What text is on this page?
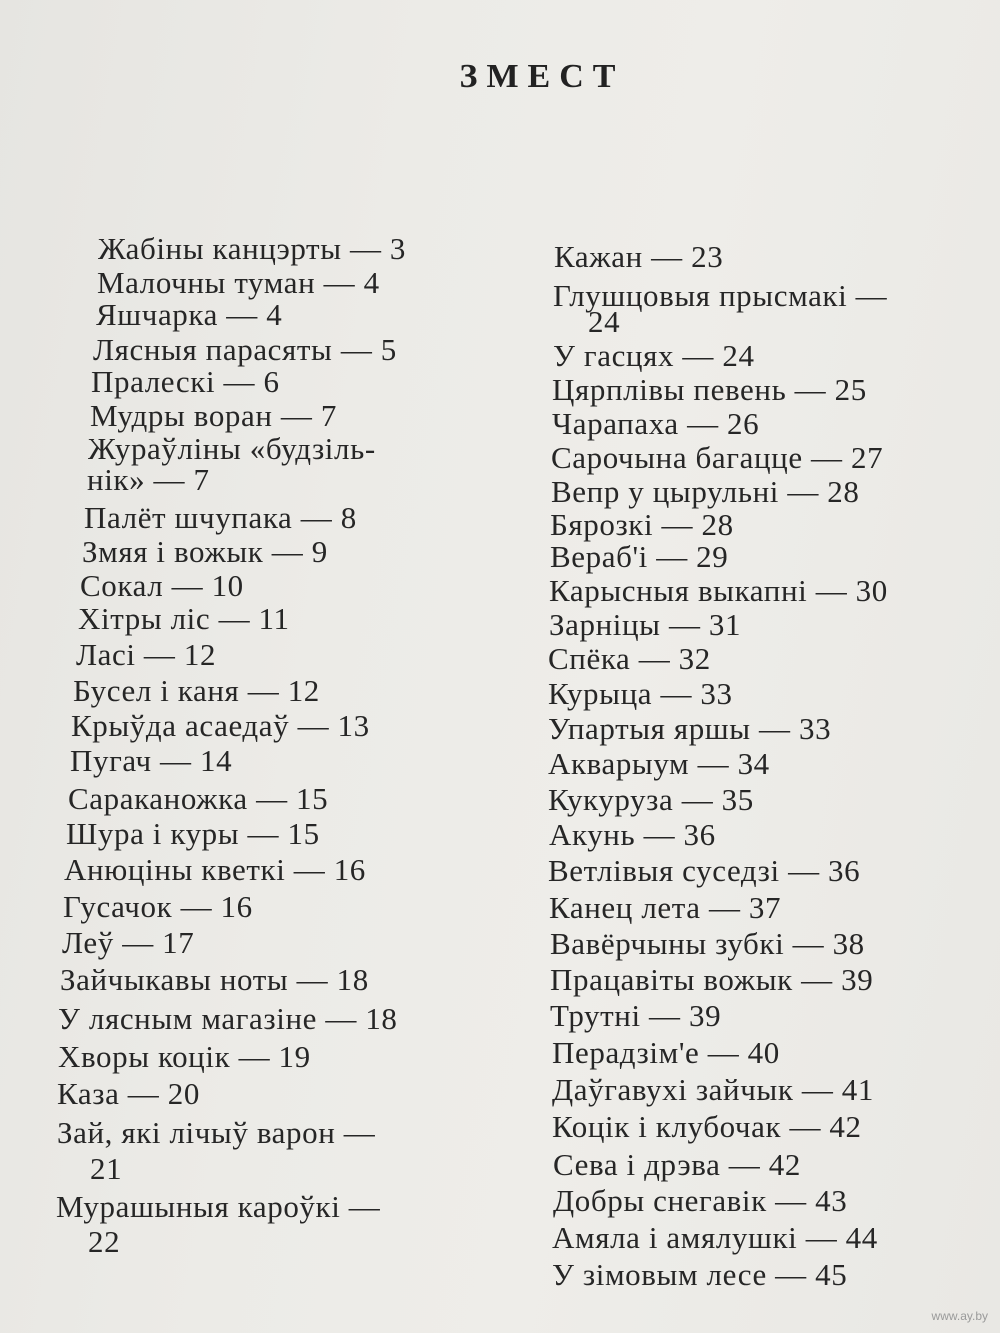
ЗМЕСТ
Жабіны канцэрты — 3
Малочны туман — 4
Яшчарка — 4
Лясныя парасяты — 5
Пралескі — 6
Мудры воран — 7
Жураўліны «будзіль-
нік» — 7
Палёт шчупака — 8
Змяя і вожык — 9
Сокал — 10
Хітры ліс — 11
Ласі — 12
Бусел і каня — 12
Крыўда асаедаў — 13
Пугач — 14
Сараканожка — 15
Шура і куры — 15
Анюціны кветкі — 16
Гусачок — 16
Леў — 17
Зайчыкавы ноты — 18
У лясным магазіне — 18
Хворы коцік — 19
Каза — 20
Зай, які лічыў варон —
21
Мурашыныя кароўкі —
22
Кажан — 23
Глушцовыя прысмакі —
24
У гасцях — 24
Цярплівы певень — 25
Чарапаха — 26
Сарочына багацце — 27
Вепр у цырульні — 28
Бярозкі — 28
Вераб'і — 29
Карысныя выкапні — 30
Зарніцы — 31
Спёка — 32
Курыца — 33
Упартыя яршы — 33
Акварыум — 34
Кукуруза — 35
Акунь — 36
Ветлівыя суседзі — 36
Канец лета — 37
Вавёрчыны зубкі — 38
Працавіты вожык — 39
Трутні — 39
Перадзім'е — 40
Даўгавухі зайчык — 41
Коцік і клубочак — 42
Сева і дрэва — 42
Добры снегавік — 43
Амяла і амялушкі — 44
У зімовым лесе — 45
www.ay.by
